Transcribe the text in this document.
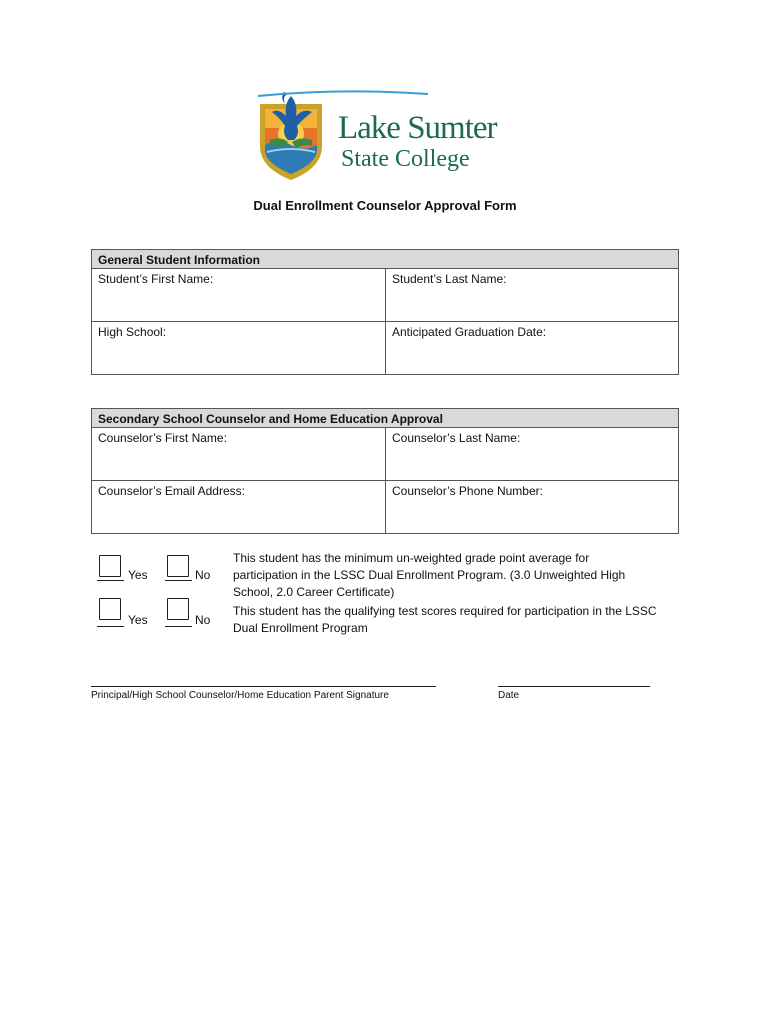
Lake Sumter
State College
Dual Enrollment Counselor Approval Form
General Student Information
Student’s First Name:	Student’s Last Name:
High School:	Anticipated Graduation Date:
Secondary School Counselor and Home Education Approval
Counselor’s First Name:	Counselor’s Last Name:
Counselor’s Email Address:	Counselor’s Phone Number:
Yes	No
Yes	No
This student has the minimum un-weighted grade point average for participation in the LSSC Dual Enrollment Program. (3.0 Unweighted High School, 2.0 Career Certificate)
This student has the qualifying test scores required for participation in the LSSC Dual Enrollment Program
Principal/High School Counselor/Home Education Parent Signature	Date
